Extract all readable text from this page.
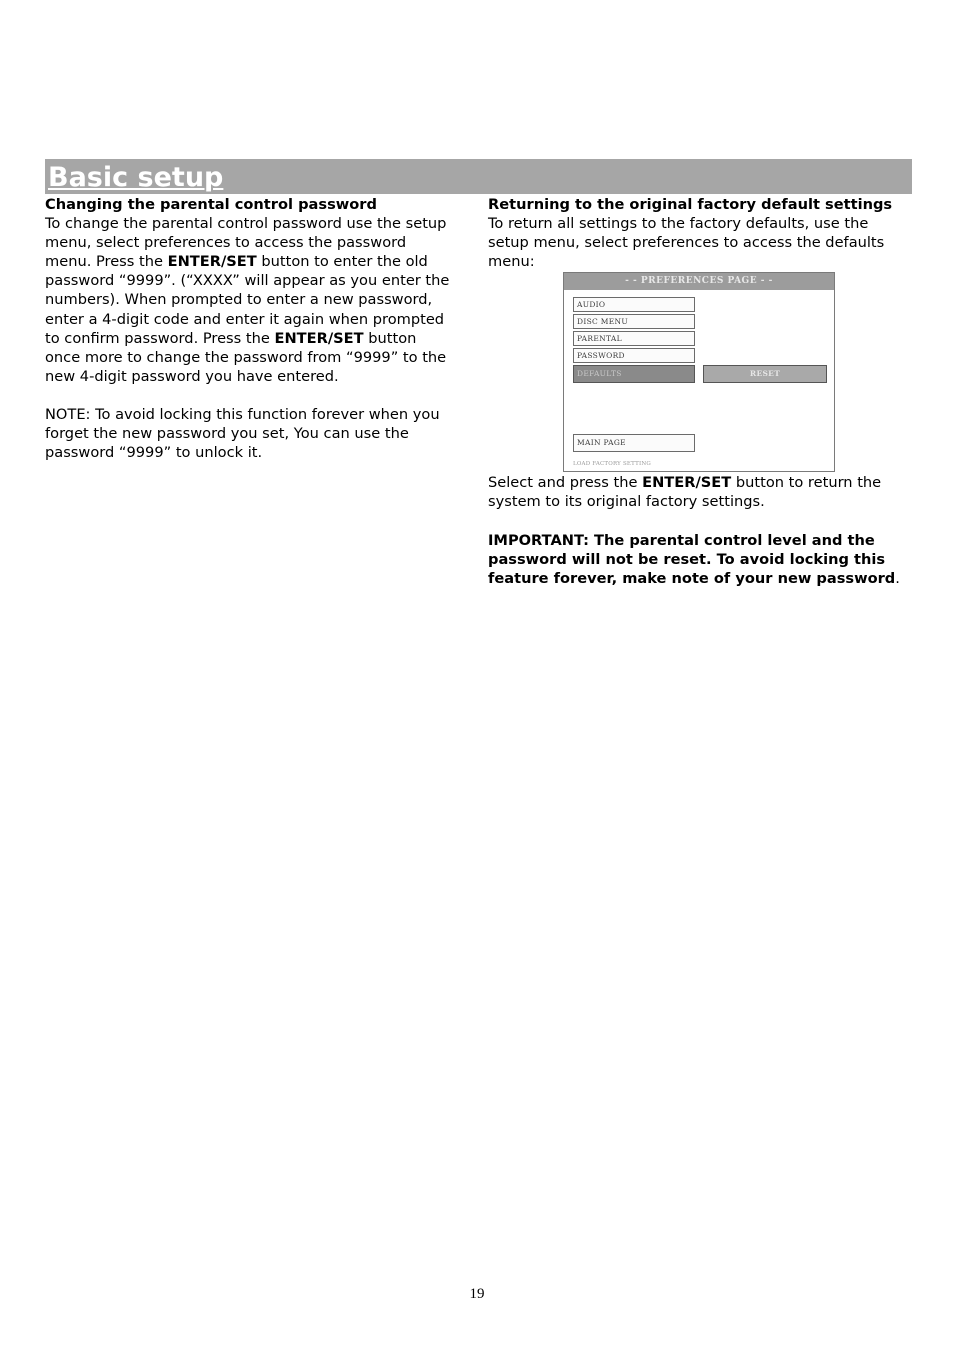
Basic setup
Changing the parental control password

To change the parental control password use the setup menu, select preferences to access the password menu. Press the ENTER/SET button to enter the old password “9999”. (“XXXX” will appear as you enter the numbers). When prompted to enter a new password, enter a 4-digit code and enter it again when prompted to confirm password. Press the ENTER/SET button once more to change the password from “9999” to the new 4-digit password you have entered.

NOTE: To avoid locking this function forever when you forget the new password you set, You can use the password “9999” to unlock it.

Returning to the original factory default settings

To return all settings to the factory defaults, use the setup menu, select preferences to access the defaults menu:

- - PREFERENCES PAGE - -
AUDIO
DISC MENU
PARENTAL
PASSWORD
DEFAULTS	RESET
MAIN PAGE
LOAD FACTORY SETTING

Select and press the ENTER/SET button to return the system to its original factory settings.

IMPORTANT: The parental control level and the password will not be reset. To avoid locking this feature forever, make note of your new password.

19
